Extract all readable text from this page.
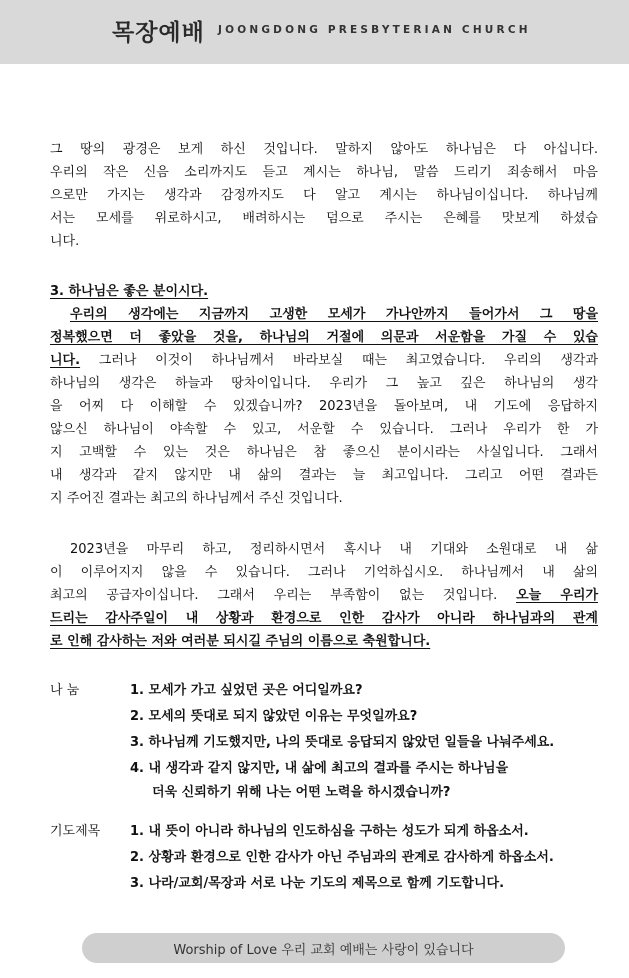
목장예배 JOONGDONG PRESBYTERIAN CHURCH
그 땅의 광경은 보게 하신 것입니다. 말하지 않아도 하나님은 다 아십니다.
우리의 작은 신음 소리까지도 듣고 계시는 하나님, 말씀 드리기 죄송해서 마음
으로만 가지는 생각과 감정까지도 다 알고 계시는 하나님이십니다. 하나님께
서는 모세를 위로하시고, 배려하시는 덤으로 주시는 은혜를 맛보게 하셨습
니다.
3. 하나님은 좋은 분이시다.
우리의 생각에는 지금까지 고생한 모세가 가나안까지 들어가서 그 땅을
정복했으면 더 좋았을 것을, 하나님의 거절에 의문과 서운함을 가질 수 있습
니다. 그러나 이것이 하나님께서 바라보실 때는 최고였습니다. 우리의 생각과
하나님의 생각은 하늘과 땅차이입니다. 우리가 그 높고 깊은 하나님의 생각
을 어찌 다 이해할 수 있겠습니까? 2023년을 돌아보며, 내 기도에 응답하지
않으신 하나님이 야속할 수 있고, 서운할 수 있습니다. 그러나 우리가 한 가
지 고백할 수 있는 것은 하나님은 참 좋으신 분이시라는 사실입니다. 그래서
내 생각과 같지 않지만 내 삶의 결과는 늘 최고입니다. 그리고 어떤 결과든
지 주어진 결과는 최고의 하나님께서 주신 것입니다.
2023년을 마무리 하고, 정리하시면서 혹시나 내 기대와 소원대로 내 삶
이 이루어지지 않을 수 있습니다. 그러나 기억하십시오. 하나님께서 내 삶의
최고의 공급자이십니다. 그래서 우리는 부족함이 없는 것입니다. 오늘 우리가
드리는 감사주일이 내 상황과 환경으로 인한 감사가 아니라 하나님과의 관계
로 인해 감사하는 저와 여러분 되시길 주님의 이름으로 축원합니다.
나 눔	1. 모세가 가고 싶었던 곳은 어디일까요?
2. 모세의 뜻대로 되지 않았던 이유는 무엇일까요?
3. 하나님께 기도했지만, 나의 뜻대로 응답되지 않았던 일들을 나눠주세요.
4. 내 생각과 같지 않지만, 내 삶에 최고의 결과를 주시는 하나님을
더욱 신뢰하기 위해 나는 어떤 노력을 하시겠습니까?
기도제목 1. 내 뜻이 아니라 하나님의 인도하심을 구하는 성도가 되게 하옵소서.
2. 상황과 환경으로 인한 감사가 아닌 주님과의 관계로 감사하게 하옵소서.
3. 나라/교회/목장과 서로 나눈 기도의 제목으로 함께 기도합니다.
Worship of Love 우리 교회 예배는 사랑이 있습니다
